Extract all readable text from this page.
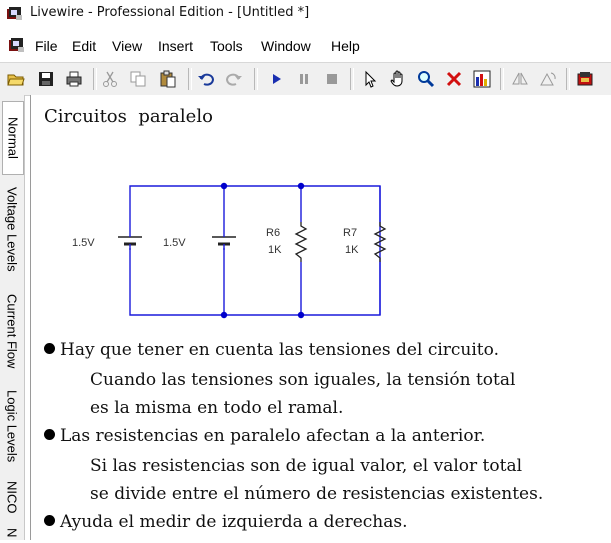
Livewire - Professional Edition - [Untitled *]
File Edit View Insert Tools Window Help
Normal
Voltage Levels
Current Flow
Logic Levels
NICO
N
Circuitos  paralelo
1.5V	1.5V
R6
1K
R7
1K
Hay que tener en cuenta las tensiones del circuito.
Cuando las tensiones son iguales, la tensión total
es la misma en todo el ramal.
Las resistencias en paralelo afectan a la anterior.
Si las resistencias son de igual valor, el valor total
se divide entre el número de resistencias existentes.
Ayuda el medir de izquierda a derechas.
